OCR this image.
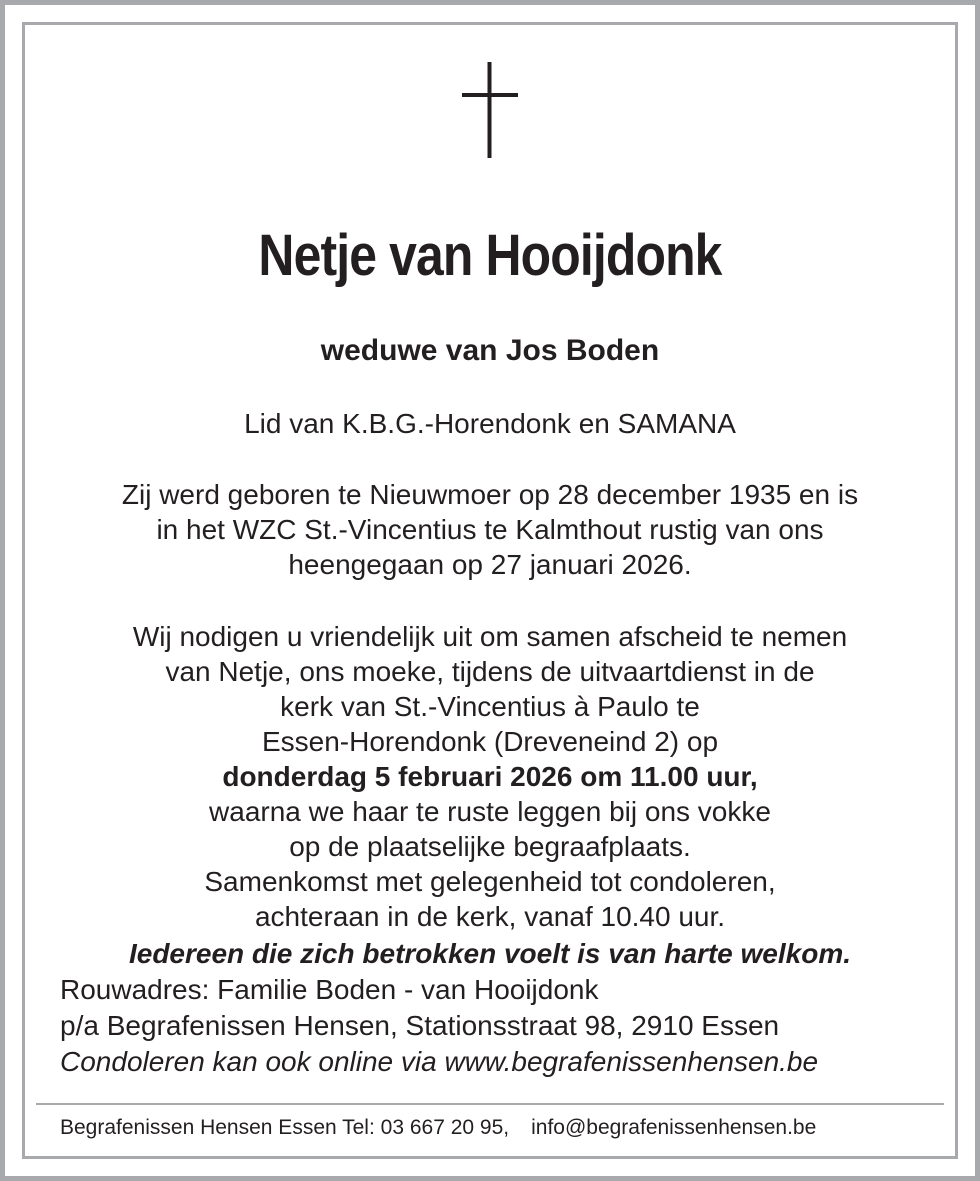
Netje van Hooijdonk
weduwe van Jos Boden

Lid van K.B.G.-Horendonk en SAMANA

Zij werd geboren te Nieuwmoer op 28 december 1935 en is
in het WZC St.-Vincentius te Kalmthout rustig van ons
heengegaan op 27 januari 2026.

Wij nodigen u vriendelijk uit om samen afscheid te nemen
van Netje, ons moeke, tijdens de uitvaartdienst in de
kerk van St.-Vincentius à Paulo te
Essen-Horendonk (Dreveneind 2) op
donderdag 5 februari 2026 om 11.00 uur,
waarna we haar te ruste leggen bij ons vokke
op de plaatselijke begraafplaats.
Samenkomst met gelegenheid tot condoleren,
achteraan in de kerk, vanaf 10.40 uur.

Iedereen die zich betrokken voelt is van harte welkom.
Rouwadres: Familie Boden - van Hooijdonk
p/a Begrafenissen Hensen, Stationsstraat 98, 2910 Essen
Condoleren kan ook online via www.begrafenissenhensen.be
Begrafenissen Hensen Essen Tel: 03 667 20 95, info@begrafenissenhensen.be
